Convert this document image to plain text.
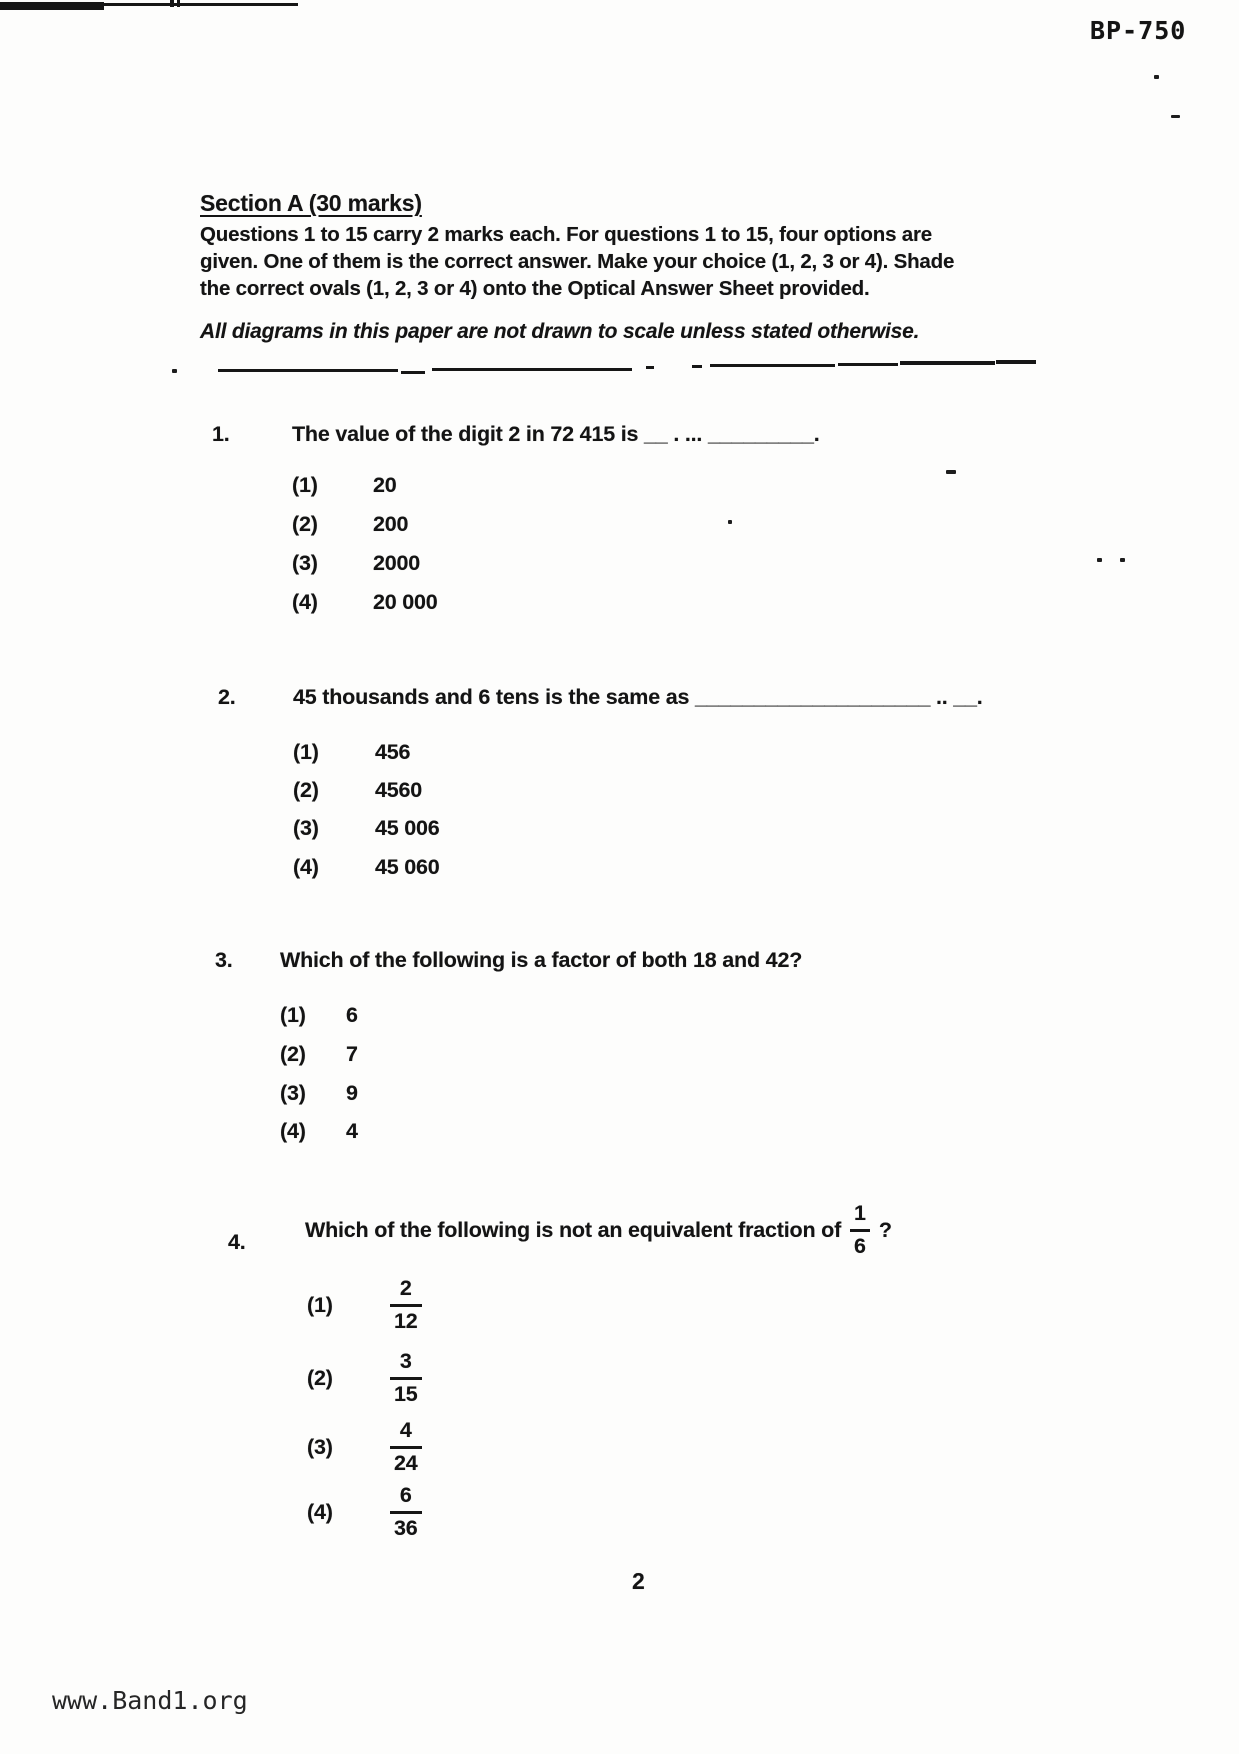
BP-750
Section A (30 marks)
Questions 1 to 15 carry 2 marks each. For questions 1 to 15, four options are
given. One of them is the correct answer. Make your choice (1, 2, 3 or 4). Shade
the correct ovals (1, 2, 3 or 4) onto the Optical Answer Sheet provided.
All diagrams in this paper are not drawn to scale unless stated otherwise.
1.	The value of the digit 2 in 72 415 is __ . ... _________.
(1)	20
(2)	200
(3)	2000
(4)	20 000
2.	45 thousands and 6 tens is the same as ____________________ .. __.
(1)	456
(2)	4560
(3)	45 006
(4)	45 060
3. Which of the following is a factor of both 18 and 42?
(1) 6
(2) 7
(3) 9
(4) 4
4.
Which of the following is not an equivalent fraction of $\frac{1}{6}$ ?
(1)	$\frac{2}{12}$
(2)	$\frac{3}{15}$
(3)	$\frac{4}{24}$
(4)	$\frac{6}{36}$
2
www.Band1.org
